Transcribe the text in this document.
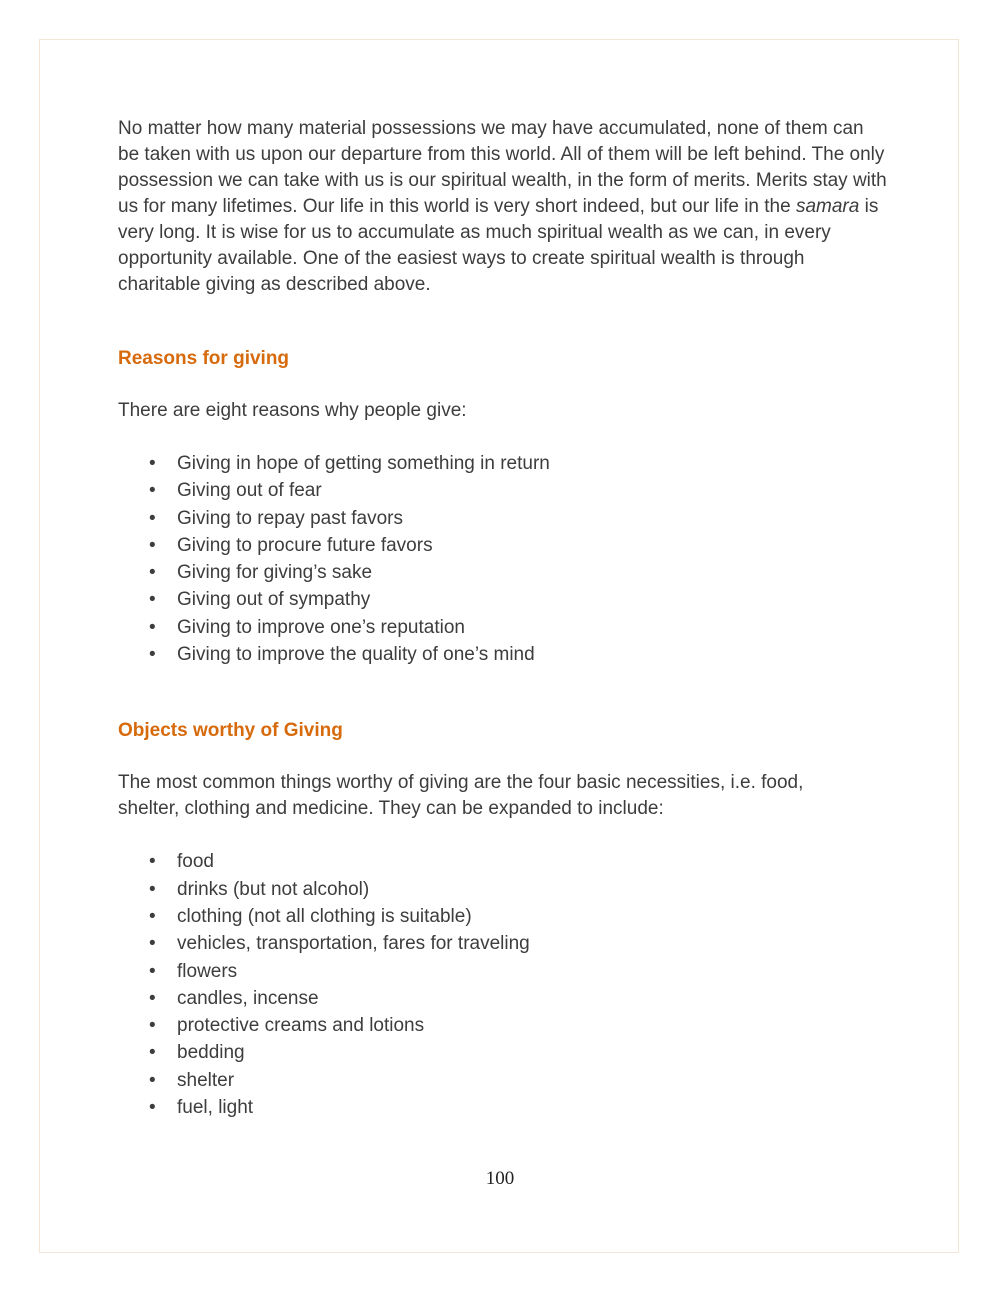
No matter how many material possessions we may have accumulated, none of them can be taken with us upon our departure from this world. All of them will be left behind. The only possession we can take with us is our spiritual wealth, in the form of merits. Merits stay with us for many lifetimes. Our life in this world is very short indeed, but our life in the samara is very long. It is wise for us to accumulate as much spiritual wealth as we can, in every opportunity available. One of the easiest ways to create spiritual wealth is through charitable giving as described above.

Reasons for giving

There are eight reasons why people give:

• Giving in hope of getting something in return
• Giving out of fear
• Giving to repay past favors
• Giving to procure future favors
• Giving for giving’s sake
• Giving out of sympathy
• Giving to improve one’s reputation
• Giving to improve the quality of one’s mind
Objects worthy of Giving

The most common things worthy of giving are the four basic necessities, i.e. food, shelter, clothing and medicine. They can be expanded to include:

• food
• drinks (but not alcohol)
• clothing (not all clothing is suitable)
• vehicles, transportation, fares for traveling
• flowers
• candles, incense
• protective creams and lotions
• bedding
• shelter
• fuel, light
100
